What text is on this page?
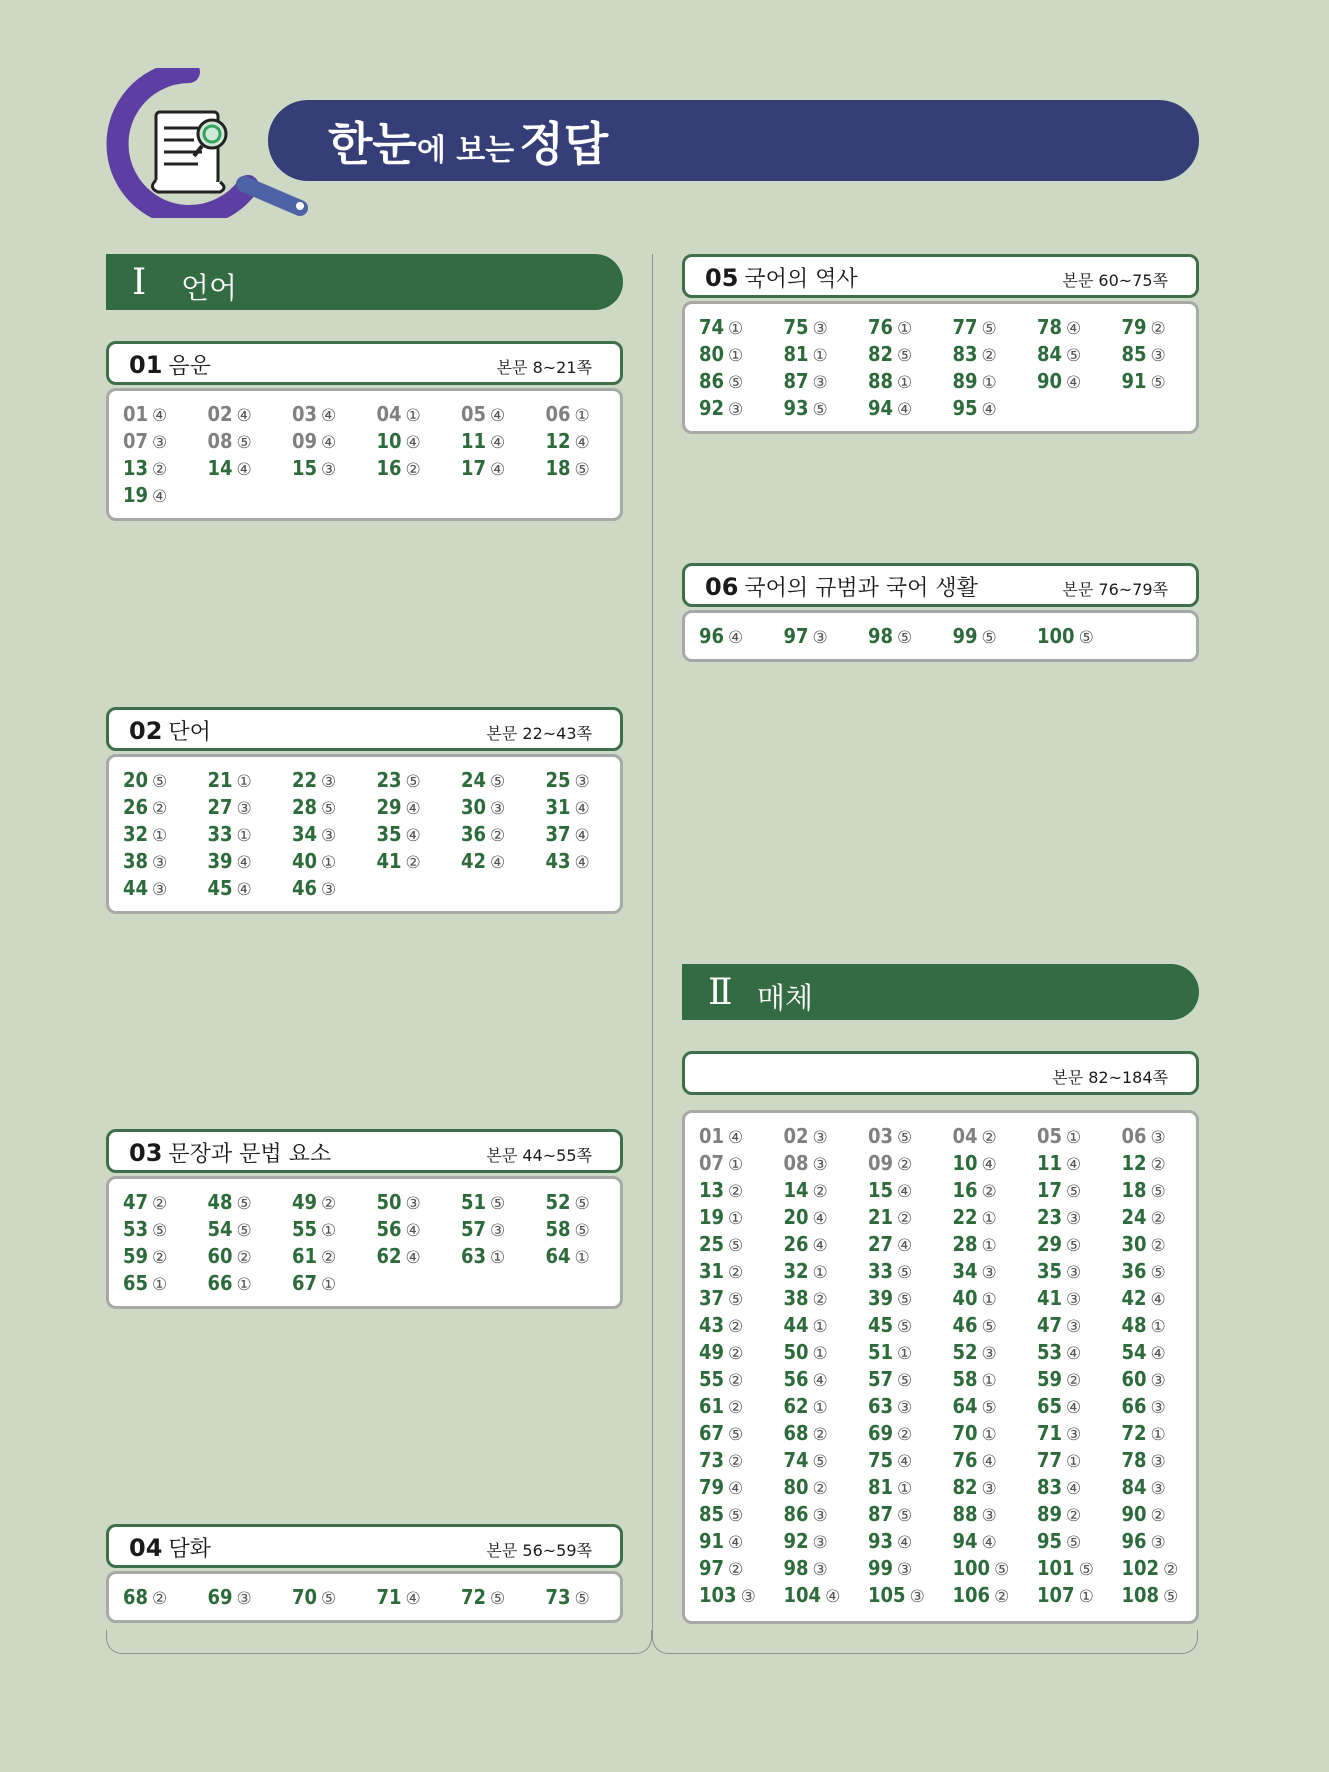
한눈에 보는 정답
Ⅰ 언어
Ⅱ 매체
01 음운	본문 8~21쪽
01 ④	02 ④	03 ④	04 ①	05 ④	06 ①
07 ③	08 ⑤	09 ④	10 ④	11 ④	12 ④
13 ②	14 ④	15 ③	16 ②	17 ④	18 ⑤
19 ④
02 단어	본문 22~43쪽
20 ⑤	21 ①	22 ③	23 ⑤	24 ⑤	25 ③
26 ②	27 ③	28 ⑤	29 ④	30 ③	31 ④
32 ①	33 ①	34 ③	35 ④	36 ②	37 ④
38 ③	39 ④	40 ①	41 ②	42 ④	43 ④
44 ③	45 ④	46 ③
03 문장과 문법 요소	본문 44~55쪽
47 ②	48 ⑤	49 ②	50 ③	51 ⑤	52 ⑤
53 ⑤	54 ⑤	55 ①	56 ④	57 ③	58 ⑤
59 ②	60 ②	61 ②	62 ④	63 ①	64 ①
65 ①	66 ①	67 ①
04 담화	본문 56~59쪽
68 ②	69 ③	70 ⑤	71 ④	72 ⑤	73 ⑤
05 국어의 역사	본문 60~75쪽
74 ①	75 ③	76 ①	77 ⑤	78 ④	79 ②
80 ①	81 ①	82 ⑤	83 ②	84 ⑤	85 ③
86 ⑤	87 ③	88 ①	89 ①	90 ④	91 ⑤
92 ③	93 ⑤	94 ④	95 ④
06 국어의 규범과 국어 생활	본문 76~79쪽
96 ④	97 ③	98 ⑤	99 ⑤	100 ⑤
본문 82~184쪽
01 ④	02 ③	03 ⑤	04 ②	05 ①	06 ③
07 ①	08 ③	09 ②	10 ④	11 ④	12 ②
13 ②	14 ②	15 ④	16 ②	17 ⑤	18 ⑤
19 ①	20 ④	21 ②	22 ①	23 ③	24 ②
25 ⑤	26 ④	27 ④	28 ①	29 ⑤	30 ②
31 ②	32 ①	33 ⑤	34 ③	35 ③	36 ⑤
37 ⑤	38 ②	39 ⑤	40 ①	41 ③	42 ④
43 ②	44 ①	45 ⑤	46 ⑤	47 ③	48 ①
49 ②	50 ①	51 ①	52 ③	53 ④	54 ④
55 ②	56 ④	57 ⑤	58 ①	59 ②	60 ③
61 ②	62 ①	63 ③	64 ⑤	65 ④	66 ③
67 ⑤	68 ②	69 ②	70 ①	71 ③	72 ①
73 ②	74 ⑤	75 ④	76 ④	77 ①	78 ③
79 ④	80 ②	81 ①	82 ③	83 ④	84 ③
85 ⑤	86 ③	87 ⑤	88 ③	89 ②	90 ②
91 ④	92 ③	93 ④	94 ④	95 ⑤	96 ③
97 ②	98 ③	99 ③	100 ⑤	101 ⑤	102 ②
103 ③	104 ④	105 ③	106 ②	107 ①	108 ⑤
